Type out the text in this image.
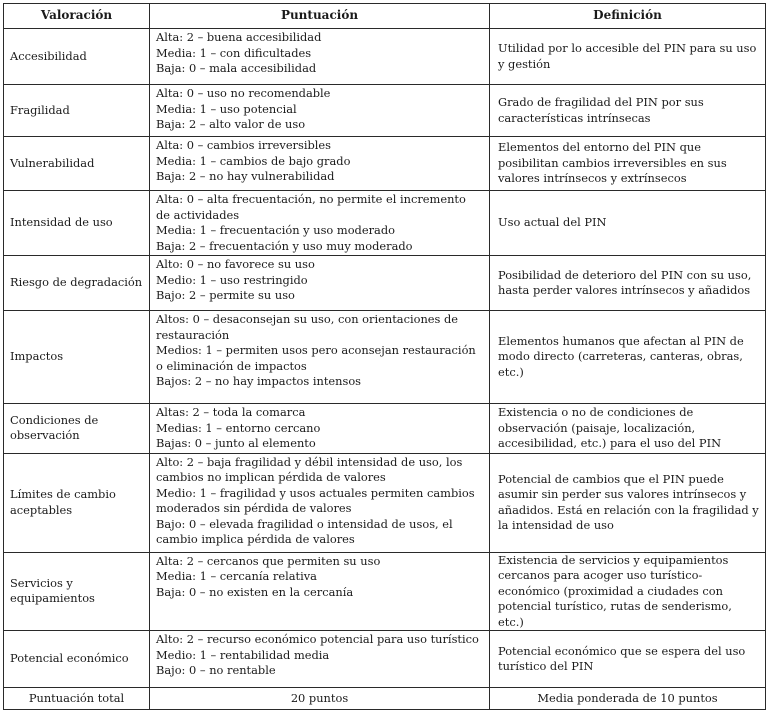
Valoración	Puntuación	Definición
Accesibilidad	Alta: 2 – buena accesibilidad
Media: 1 – con dificultades
Baja: 0 – mala accesibilidad	Utilidad por lo accesible del PIN para su uso y gestión
Fragilidad	Alta: 0 – uso no recomendable
Media: 1 – uso potencial
Baja: 2 – alto valor de uso	Grado de fragilidad del PIN por sus características intrínsecas
Vulnerabilidad	Alta: 0 – cambios irreversibles
Media: 1 – cambios de bajo grado
Baja: 2 – no hay vulnerabilidad	Elementos del entorno del PIN que posibilitan cambios irreversibles en sus valores intrínsecos y extrínsecos
Intensidad de uso	Alta: 0 – alta frecuentación, no permite el incremento de actividades
Media: 1 – frecuentación y uso moderado
Baja: 2 – frecuentación y uso muy moderado	Uso actual del PIN
Riesgo de degradación	Alto: 0 – no favorece su uso
Medio: 1 – uso restringido
Bajo: 2 – permite su uso	Posibilidad de deterioro del PIN con su uso, hasta perder valores intrínsecos y añadidos
Impactos	Altos: 0 – desaconsejan su uso, con orientaciones de restauración
Medios: 1 – permiten usos pero aconsejan restauración o eliminación de impactos
Bajos: 2 – no hay impactos intensos	Elementos humanos que afectan al PIN de modo directo (carreteras, canteras, obras, etc.)
Condiciones de observación	Altas: 2 – toda la comarca
Medias: 1 – entorno cercano
Bajas: 0 – junto al elemento	Existencia o no de condiciones de observación (paisaje, localización, accesibilidad, etc.) para el uso del PIN
Límites de cambio aceptables	Alto: 2 – baja fragilidad y débil intensidad de uso, los cambios no implican pérdida de valores
Medio: 1 – fragilidad y usos actuales permiten cambios moderados sin pérdida de valores
Bajo: 0 – elevada fragilidad o intensidad de usos, el cambio implica pérdida de valores	Potencial de cambios que el PIN puede asumir sin perder sus valores intrínsecos y añadidos. Está en relación con la fragilidad y la intensidad de uso
Servicios y equipamientos	Alta: 2 – cercanos que permiten su uso
Media: 1 – cercanía relativa
Baja: 0 – no existen en la cercanía	Existencia de servicios y equipamientos cercanos para acoger uso turístico-económico (proximidad a ciudades con potencial turístico, rutas de senderismo, etc.)
Potencial económico	Alto: 2 – recurso económico potencial para uso turístico
Medio: 1 – rentabilidad media
Bajo: 0 – no rentable	Potencial económico que se espera del uso turístico del PIN
Puntuación total	20 puntos	Media ponderada de 10 puntos
